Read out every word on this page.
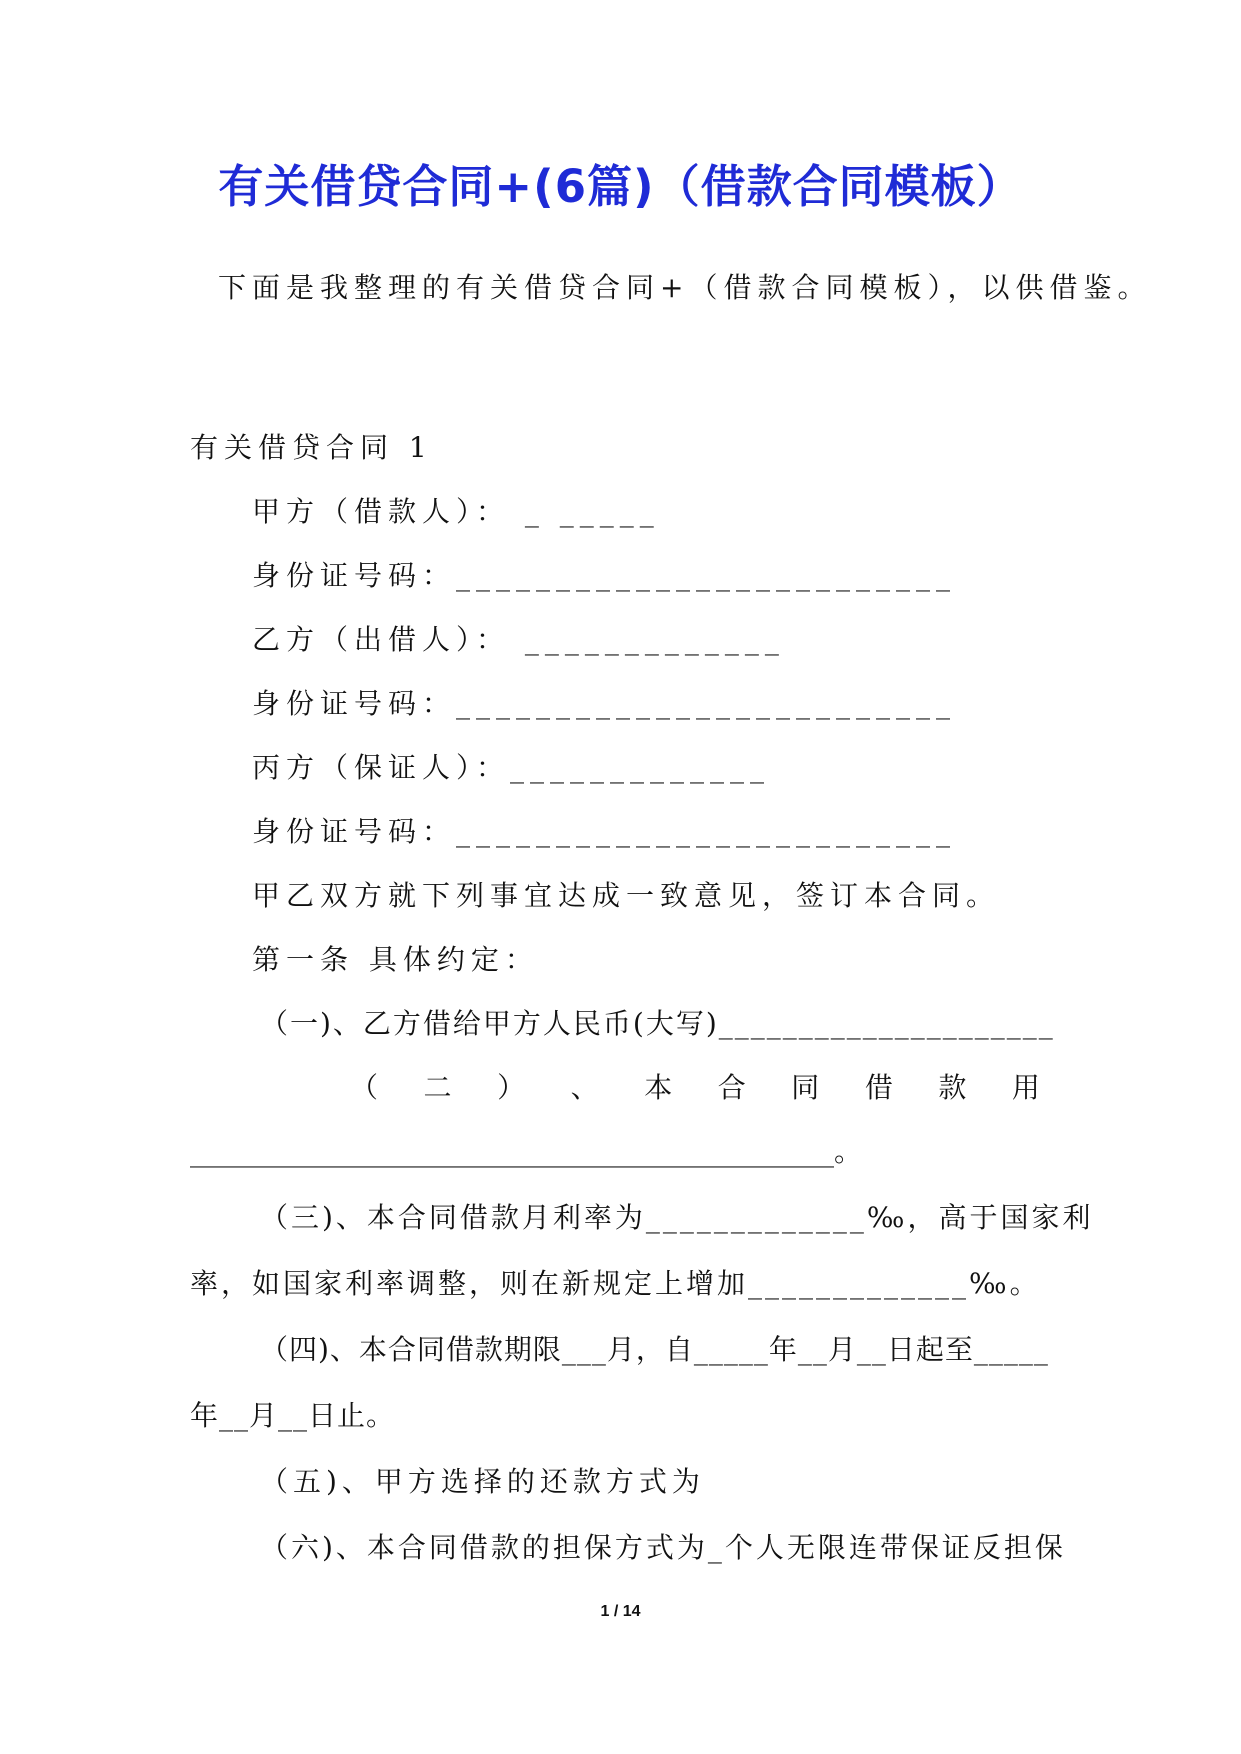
有关借贷合同+(6篇)（借款合同模板）
下面是我整理的有关借贷合同+（借款合同模板），以供借鉴。
有关借贷合同 1
甲方（借款人）： _ _____
身份证号码：_________________________
乙方（出借人）： _____________
身份证号码：_________________________
丙方（保证人）：_____________
身份证号码：_________________________
甲乙双方就下列事宜达成一致意见，签订本合同。
第一条 具体约定：
（一)、乙方借给甲方人民币(大写)_____________________
（ 二 ） 、 本 合 同 借 款 用
______________________________________________。
（三)、本合同借款月利率为_____________‰，高于国家利
率，如国家利率调整，则在新规定上增加_____________‰。
（四)、本合同借款期限___月，自_____年__月__日起至_____
年__月__日止。
（五)、甲方选择的还款方式为
（六)、本合同借款的担保方式为_个人无限连带保证反担保
1 / 14
